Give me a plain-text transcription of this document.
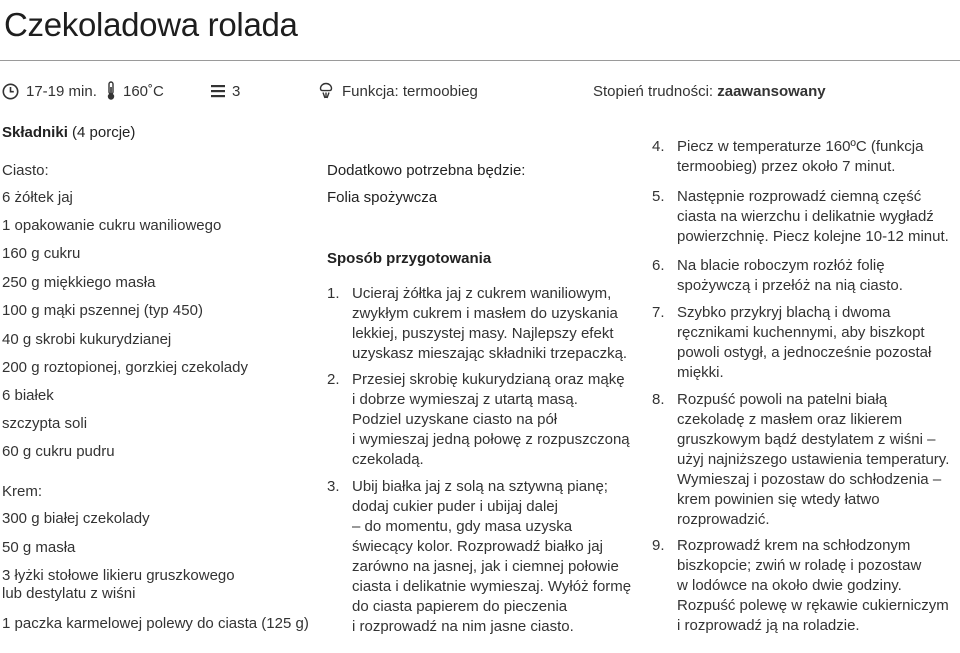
Czekoladowa rolada
17-19 min. 160˚C	3	Funkcja: termoobieg	Stopień trudności:
zaawansowany
Składniki (4 porcje)
Ciasto:

6 żółtek jaj

1 opakowanie cukru waniliowego

160 g cukru

250 g miękkiego masła

100 g mąki pszennej (typ 450)

40 g skrobi kukurydzianej

200 g roztopionej, gorzkiej czekolady

6 białek

szczypta soli

60 g cukru pudru

Krem:

300 g białej czekolady

50 g masła

3 łyżki stołowe likieru gruszkowego
lub destylatu z wiśni

1 paczka karmelowej polewy do ciasta (125 g)

Dodatkowo potrzebna będzie:
Folia spożywcza
Sposób przygotowania
1. Ucieraj żółtka jaj z cukrem waniliowym,
zwykłym cukrem i masłem do uzyskania
lekkiej, puszystej masy. Najlepszy efekt
uzyskasz mieszając składniki trzepaczką.
2. Przesiej skrobię kukurydzianą oraz mąkę
i dobrze wymieszaj z utartą masą.
Podziel uzyskane ciasto na pół
i wymieszaj jedną połowę z rozpuszczoną
czekoladą.
3. Ubij białka jaj z solą na sztywną pianę;
dodaj cukier puder i ubijaj dalej
– do momentu, gdy masa uzyska
świecący kolor. Rozprowadź białko jaj
zarówno na jasnej, jak i ciemnej połowie
ciasta i delikatnie wymieszaj. Wyłóż formę
do ciasta papierem do pieczenia
i rozprowadź na nim jasne ciasto.
4. Piecz w temperaturze 160ºC (funkcja
termoobieg) przez około 7 minut.
5. Następnie rozprowadź ciemną część
ciasta na wierzchu i delikatnie wygładź
powierzchnię. Piecz kolejne 10-12 minut.
6. Na blacie roboczym rozłóż folię
spożywczą i przełóż na nią ciasto.
7. Szybko przykryj blachą i dwoma
ręcznikami kuchennymi, aby biszkopt
powoli ostygł, a jednocześnie pozostał
miękki.
8. Rozpuść powoli na patelni białą
czekoladę z masłem oraz likierem
gruszkowym bądź destylatem z wiśni –
użyj najniższego ustawienia temperatury.
Wymieszaj i pozostaw do schłodzenia –
krem powinien się wtedy łatwo
rozprowadzić.
9. Rozprowadź krem na schłodzonym
biszkopcie; zwiń w roladę i pozostaw
w lodówce na około dwie godziny.
Rozpuść polewę w rękawie cukierniczym
i rozprowadź ją na roladzie.
